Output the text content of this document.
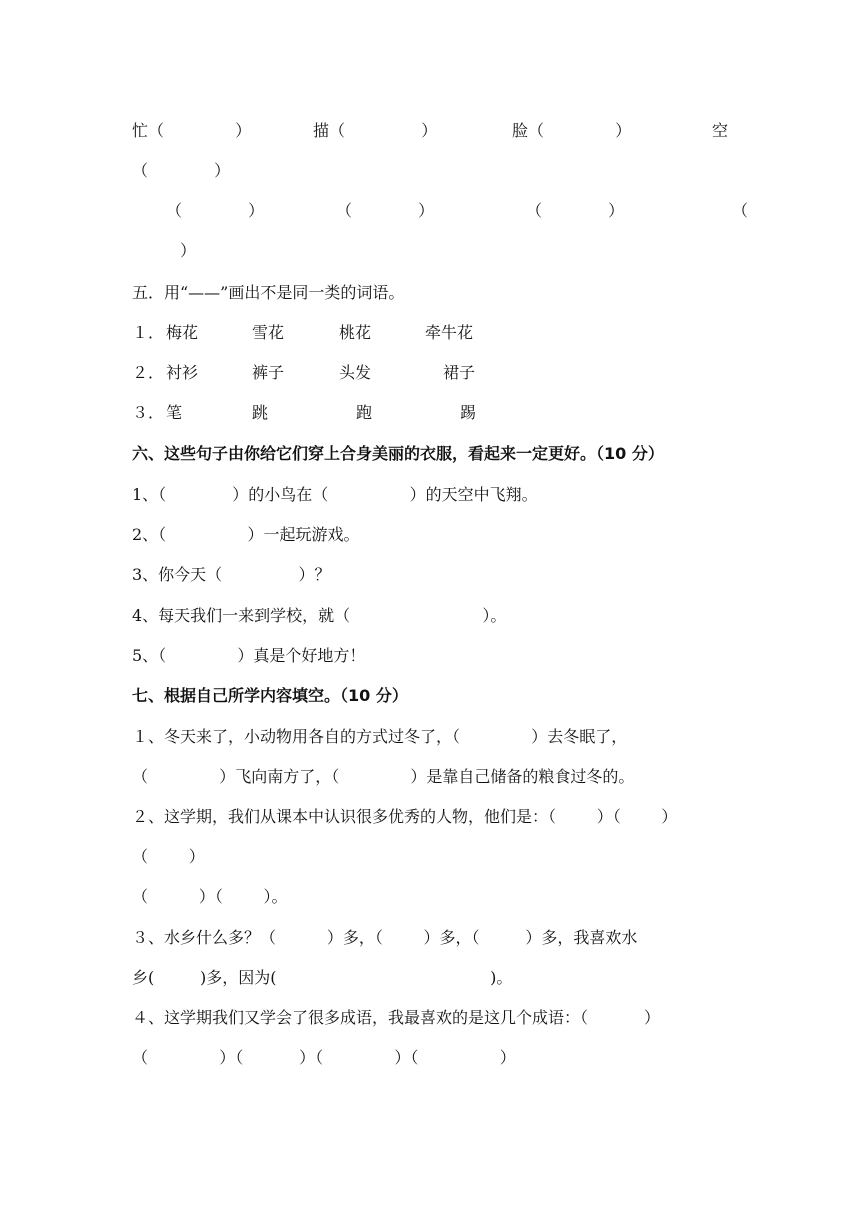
忙（              ）	描（               ）	脸（              ）	空
（             ）
（             ）	（             ）	（             ）	（
）
五．用“——”画出不是同一类的词语。
１． 梅花	雪花	桃花	牵牛花
２． 衬衫	裤子	头发	裙子
３． 笔	跳	跑	踢
六、这些句子由你给它们穿上合身美丽的衣服，看起来一定更好。（10 分）
1、（             ）的小鸟在（                ）的天空中飞翔。
2、（                ）一起玩游戏。
3、你今天（               ）？
4、每天我们一来到学校，就（                          ）。
5、（              ）真是个好地方！
七、根据自己所学内容填空。（10 分）
１、冬天来了，小动物用各自的方式过冬了，（              ）去冬眠了，
（              ）飞向南方了，（              ）是靠自己储备的粮食过冬的。
２、这学期，我们从课本中认识很多优秀的人物，他们是：（        ）（        ）
（        ）
（          ）（        ）。
３、水乡什么多？（          ）多，（        ）多，（         ）多，我喜欢水
乡(         )多，因为(                                          )。
４、这学期我们又学会了很多成语，我最喜欢的是这几个成语：（           ）
（              ）（           ）（              ）（                ）
